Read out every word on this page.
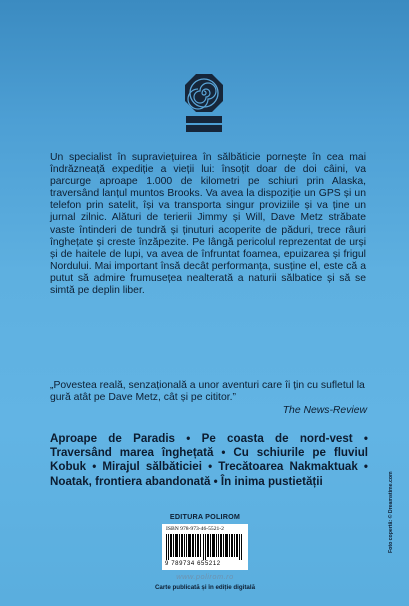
Un specialist în supraviețuirea în sălbăticie pornește în cea mai îndrăzneață expediție a vieții lui: însoțit doar de doi câini, va parcurge aproape 1.000 de kilometri pe schiuri prin Alaska, traversând lanțul muntos Brooks. Va avea la dispoziție un GPS și un telefon prin satelit, își va transporta singur proviziile și va ține un jurnal zilnic. Alături de terierii Jimmy și Will, Dave Metz străbate vaste întinderi de tundră și ținuturi acoperite de păduri, trece râuri înghețate și creste înzăpezite. Pe lângă pericolul reprezentat de urși și de haitele de lupi, va avea de înfruntat foamea, epuizarea și frigul Nordului. Mai important însă decât performanța, susține el, este că a putut să admire frumusețea nealterată a naturii sălbatice și să se simtă pe deplin liber.

„Povestea reală, senzațională a unor aventuri care îi țin cu sufletul la gură atât pe Dave Metz, cât și pe cititor.”

The News-Review

Aproape de Paradis • Pe coasta de nord-vest • Traversând marea înghețată • Cu schiurile pe fluviul Kobuk • Mirajul sălbăticiei • Trecătoarea Nakmaktuak • Noatak, frontiera abandonată • În inima pustietății

EDITURA POLIROM
ISBN 978-973-46-5521-2
9 789734 655212
www.polirom.ro
Carte publicată și în ediție digitală
Foto copertă: © Dreamstime.com
